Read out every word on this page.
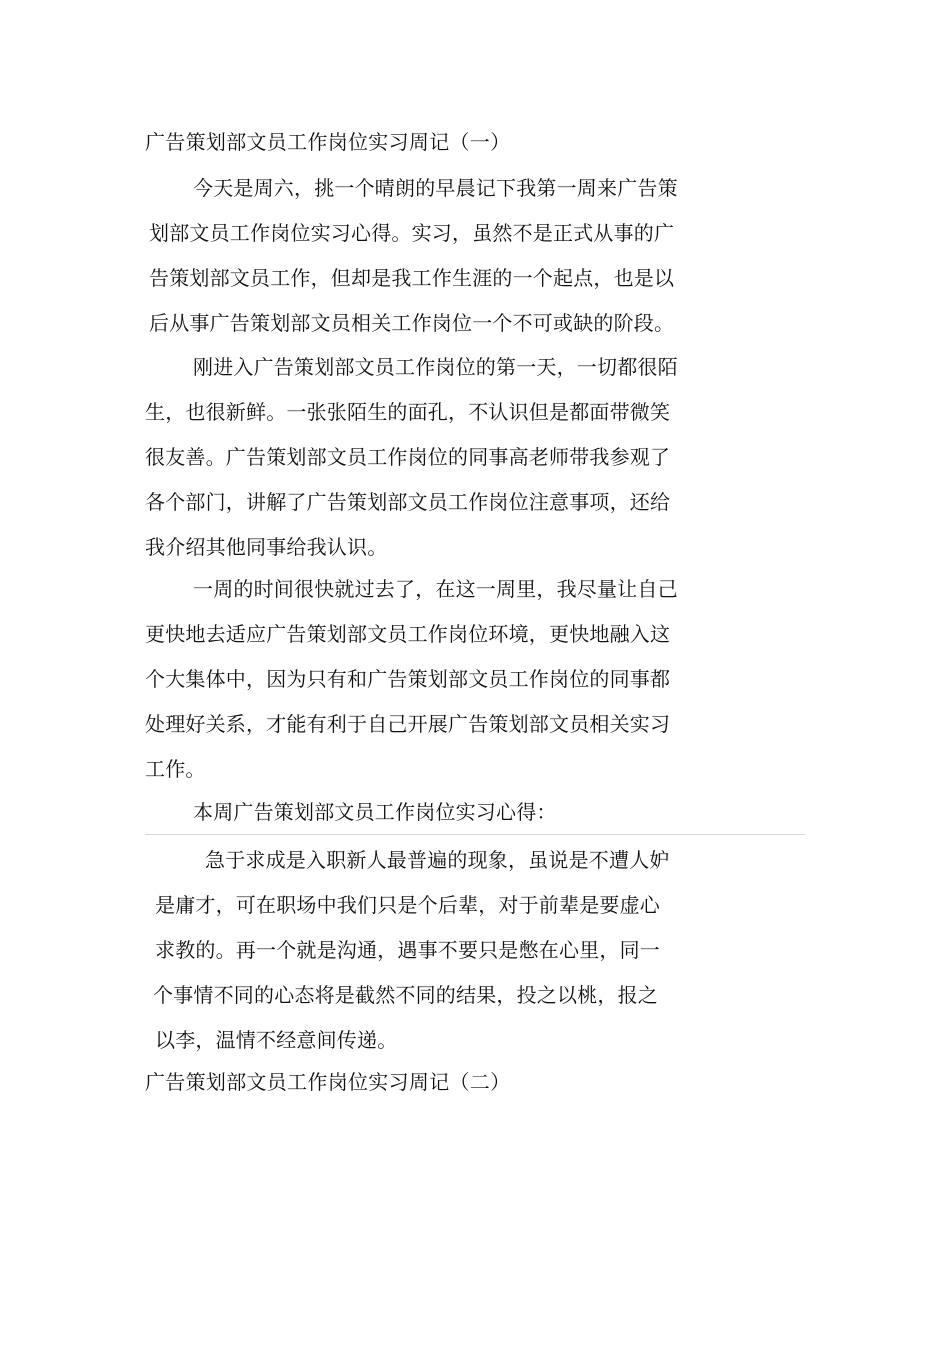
广告策划部文员工作岗位实习周记（一）
今天是周六，挑一个晴朗的早晨记下我第一周来广告策
划部文员工作岗位实习心得。实习，虽然不是正式从事的广
告策划部文员工作，但却是我工作生涯的一个起点，也是以
后从事广告策划部文员相关工作岗位一个不可或缺的阶段。
刚进入广告策划部文员工作岗位的第一天，一切都很陌
生，也很新鲜。一张张陌生的面孔，不认识但是都面带微笑
很友善。广告策划部文员工作岗位的同事高老师带我参观了
各个部门，讲解了广告策划部文员工作岗位注意事项，还给
我介绍其他同事给我认识。
一周的时间很快就过去了，在这一周里，我尽量让自己
更快地去适应广告策划部文员工作岗位环境，更快地融入这
个大集体中，因为只有和广告策划部文员工作岗位的同事都
处理好关系，才能有利于自己开展广告策划部文员相关实习
工作。
本周广告策划部文员工作岗位实习心得：
急于求成是入职新人最普遍的现象，虽说是不遭人妒
是庸才，可在职场中我们只是个后辈，对于前辈是要虚心
求教的。再一个就是沟通，遇事不要只是憋在心里，同一
个事情不同的心态将是截然不同的结果，投之以桃，报之
以李，温情不经意间传递。
广告策划部文员工作岗位实习周记（二）
